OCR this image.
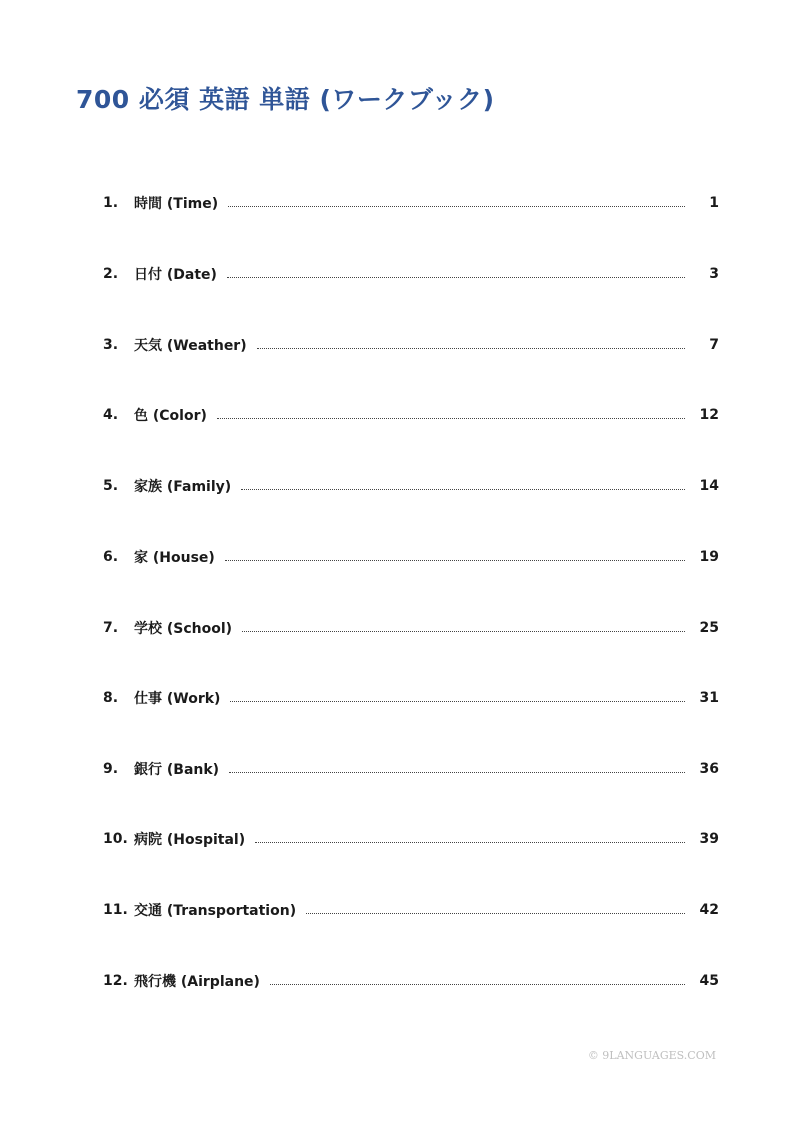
700 必須 英語 単語 (ワークブック)
1.	時間 (Time)	1
2.	日付 (Date)	3
3.	天気 (Weather)	7
4.	色 (Color)	12
5.	家族 (Family)	14
6.	家 (House)	19
7.	学校 (School)	25
8.	仕事 (Work)	31
9.	銀行 (Bank)	36
10. 病院 (Hospital)	39
11. 交通 (Transportation)	42
12. 飛行機 (Airplane)	45
© 9LANGUAGES.COM
